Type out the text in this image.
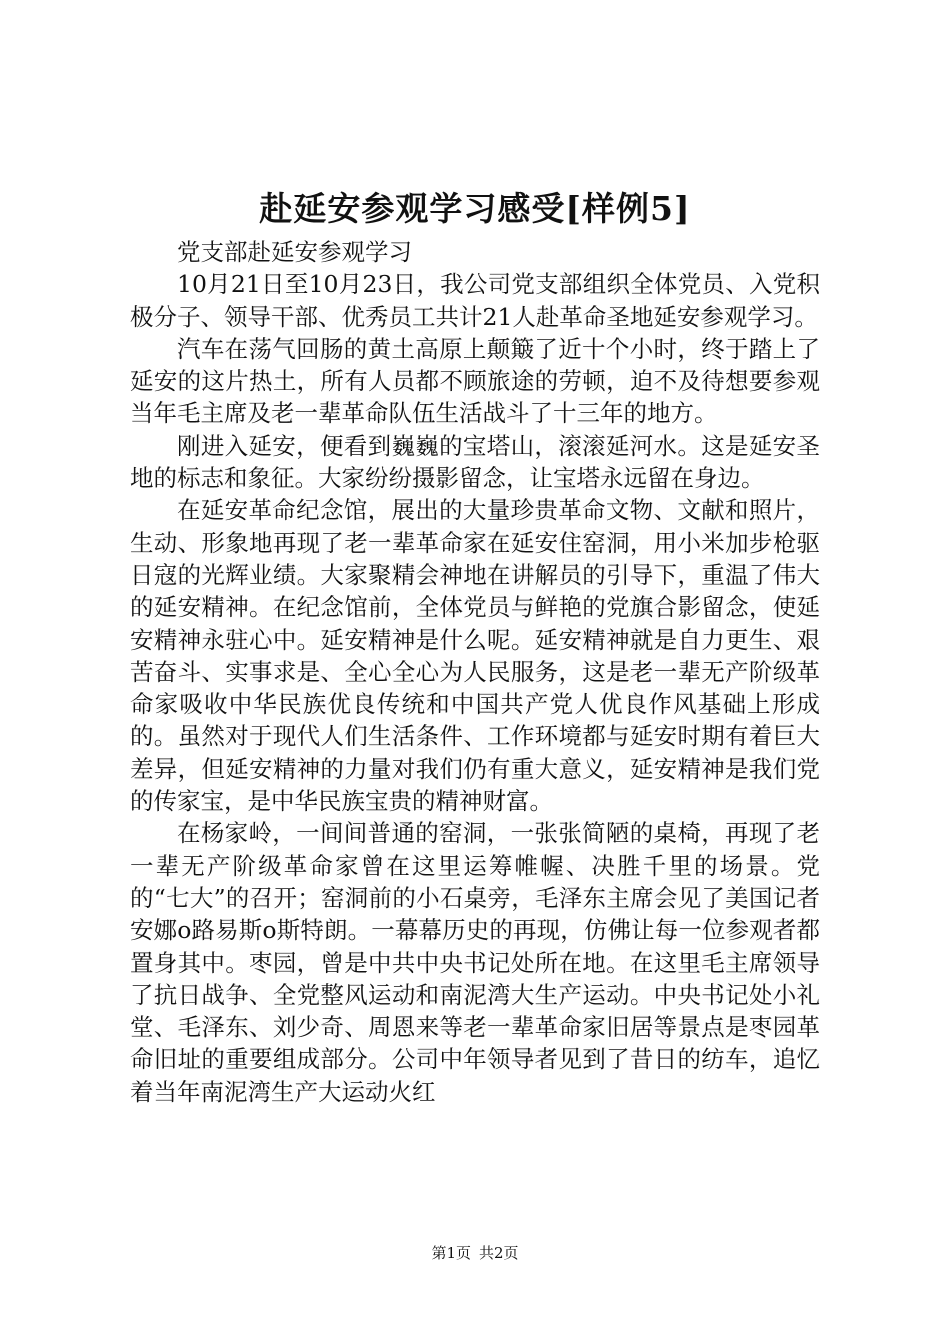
赴延安参观学习感受[样例5]

党支部赴延安参观学习

10月21日至10月23日，我公司党支部组织全体党员、入党积极分子、领导干部、优秀员工共计21人赴革命圣地延安参观学习。

汽车在荡气回肠的黄土高原上颠簸了近十个小时，终于踏上了延安的这片热土，所有人员都不顾旅途的劳顿，迫不及待想要参观当年毛主席及老一辈革命队伍生活战斗了十三年的地方。

刚进入延安，便看到巍巍的宝塔山，滚滚延河水。这是延安圣地的标志和象征。大家纷纷摄影留念，让宝塔永远留在身边。

在延安革命纪念馆，展出的大量珍贵革命文物、文献和照片，生动、形象地再现了老一辈革命家在延安住窑洞，用小米加步枪驱日寇的光辉业绩。大家聚精会神地在讲解员的引导下，重温了伟大的延安精神。在纪念馆前，全体党员与鲜艳的党旗合影留念，使延安精神永驻心中。延安精神是什么呢。延安精神就是自力更生、艰苦奋斗、实事求是、全心全心为人民服务，这是老一辈无产阶级革命家吸收中华民族优良传统和中国共产党人优良作风基础上形成的。虽然对于现代人们生活条件、工作环境都与延安时期有着巨大差异，但延安精神的力量对我们仍有重大意义，延安精神是我们党的传家宝，是中华民族宝贵的精神财富。

在杨家岭，一间间普通的窑洞，一张张简陋的桌椅，再现了老一辈无产阶级革命家曾在这里运筹帷幄、决胜千里的场景。党的“七大”的召开；窑洞前的小石桌旁，毛泽东主席会见了美国记者安娜o路易斯o斯特朗。一幕幕历史的再现，仿佛让每一位参观者都置身其中。枣园，曾是中共中央书记处所在地。在这里毛主席领导了抗日战争、全党整风运动和南泥湾大生产运动。中央书记处小礼堂、毛泽东、刘少奇、周恩来等老一辈革命家旧居等景点是枣园革命旧址的重要组成部分。公司中年领导者见到了昔日的纺车，追忆着当年南泥湾生产大运动火红

第1页 共2页
